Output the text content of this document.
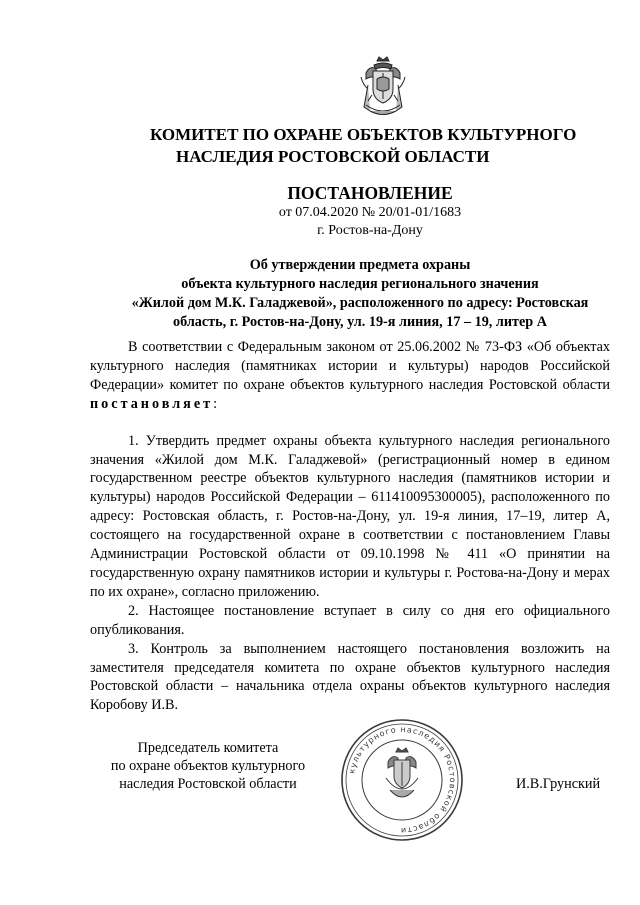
КОМИТЕТ ПО ОХРАНЕ ОБЪЕКТОВ КУЛЬТУРНОГО
НАСЛЕДИЯ РОСТОВСКОЙ ОБЛАСТИ
ПОСТАНОВЛЕНИЕ
от 07.04.2020 № 20/01-01/1683
г. Ростов-на-Дону
Об утверждении предмета охраны
объекта культурного наследия регионального значения
«Жилой дом М.К. Галаджевой», расположенного по адресу: Ростовская
область, г. Ростов-на-Дону, ул. 19-я линия, 17 – 19, литер А

В соответствии с Федеральным законом от 25.06.2002 № 73-ФЗ «Об объектах культурного наследия (памятниках истории и культуры) народов Российской Федерации» комитет по охране объектов культурного наследия Ростовской области постановляет:

1. Утвердить предмет охраны объекта культурного наследия регионального значения «Жилой дом М.К. Галаджевой» (регистрационный номер в едином государственном реестре объектов культурного наследия (памятников истории и культуры) народов Российской Федерации – 611410095300005), расположенного по адресу: Ростовская область, г. Ростов-на-Дону, ул. 19-я линия, 17–19, литер А, состоящего на государственной охране в соответствии с постановлением Главы Администрации Ростовской области от 09.10.1998 № 411 «О принятии на государственную охрану памятников истории и культуры г. Ростова-на-Дону и мерах по их охране», согласно приложению.

2. Настоящее постановление вступает в силу со дня его официального опубликования.

3. Контроль за выполнением настоящего постановления возложить на заместителя председателя комитета по охране объектов культурного наследия Ростовской области – начальника отдела охраны объектов культурного наследия Коробову И.В.

Председатель комитета
по охране объектов культурного
наследия Ростовской области
культурного наследия Ростовской области
И.В.Грунский
